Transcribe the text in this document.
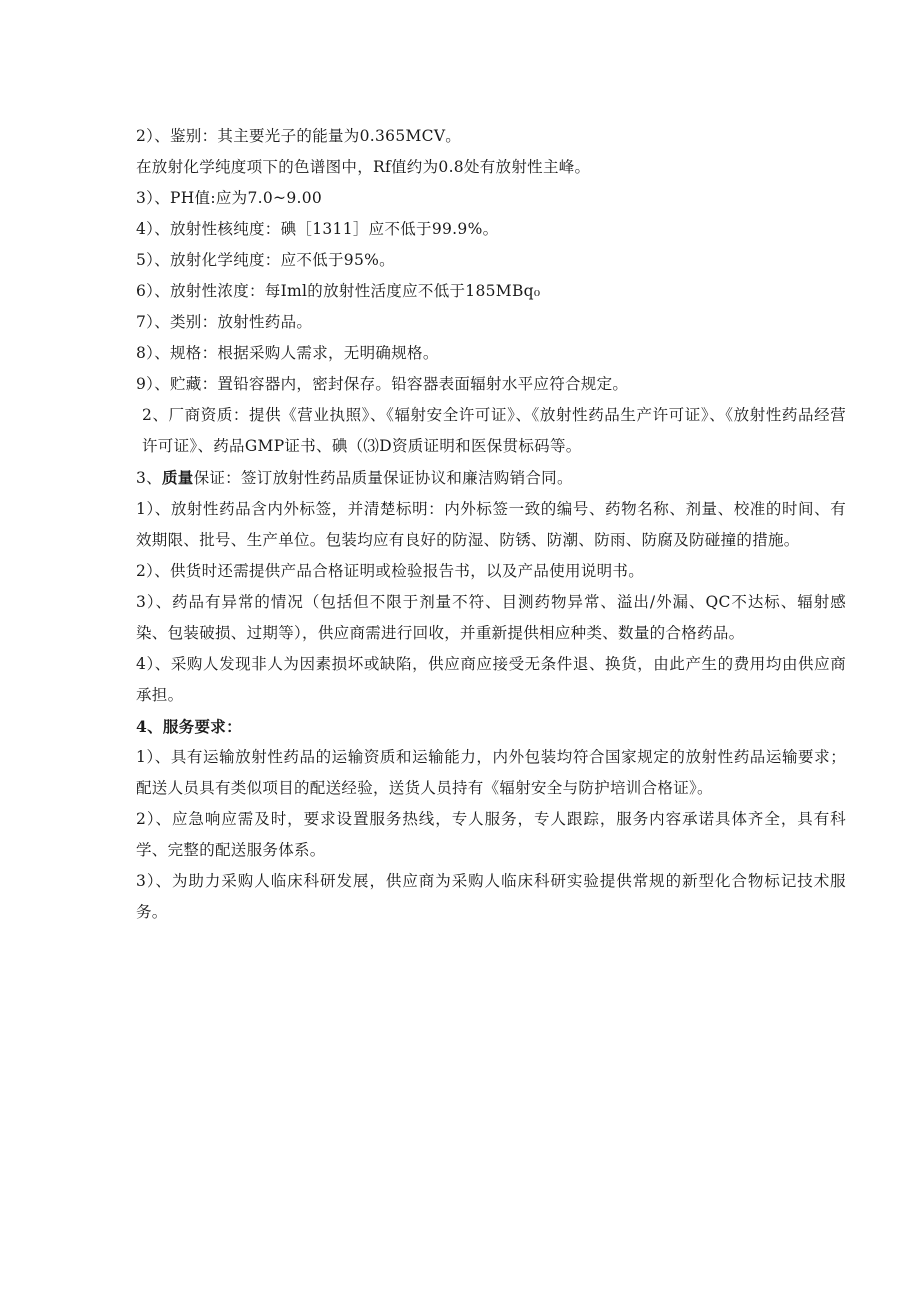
2）、鉴别：其主要光子的能量为0.365MCV。

在放射化学纯度项下的色谱图中，Rf值约为0.8处有放射性主峰。

3）、PH值:应为7.0~9.00

4）、放射性核纯度：碘［1311］应不低于99.9%。

5）、放射化学纯度：应不低于95%。

6）、放射性浓度：每Iml的放射性活度应不低于185MBq₀

7）、类别：放射性药品。

8）、规格：根据采购人需求，无明确规格。

9）、贮藏：置铅容器内，密封保存。铅容器表面辐射水平应符合规定。

2、厂商资质：提供《营业执照》、《辐射安全许可证》、《放射性药品生产许可证》、《放射性药品经营许可证》、药品GMP证书、碘（⑶D资质证明和医保贯标码等。

3、质量保证：签订放射性药品质量保证协议和廉洁购销合同。

1）、放射性药品含内外标签，并清楚标明：内外标签一致的编号、药物名称、剂量、校准的时间、有效期限、批号、生产单位。包装均应有良好的防湿、防锈、防潮、防雨、防腐及防碰撞的措施。

2）、供货时还需提供产品合格证明或检验报告书，以及产品使用说明书。

3）、药品有异常的情况（包括但不限于剂量不符、目测药物异常、溢出/外漏、QC不达标、辐射感染、包装破损、过期等），供应商需进行回收，并重新提供相应种类、数量的合格药品。

4）、采购人发现非人为因素损坏或缺陷，供应商应接受无条件退、换货，由此产生的费用均由供应商承担。

4、服务要求：

1）、具有运输放射性药品的运输资质和运输能力，内外包装均符合国家规定的放射性药品运输要求；配送人员具有类似项目的配送经验，送货人员持有《辐射安全与防护培训合格证》。

2）、应急响应需及时，要求设置服务热线，专人服务，专人跟踪，服务内容承诺具体齐全，具有科学、完整的配送服务体系。

3）、为助力采购人临床科研发展，供应商为采购人临床科研实验提供常规的新型化合物标记技术服务。
